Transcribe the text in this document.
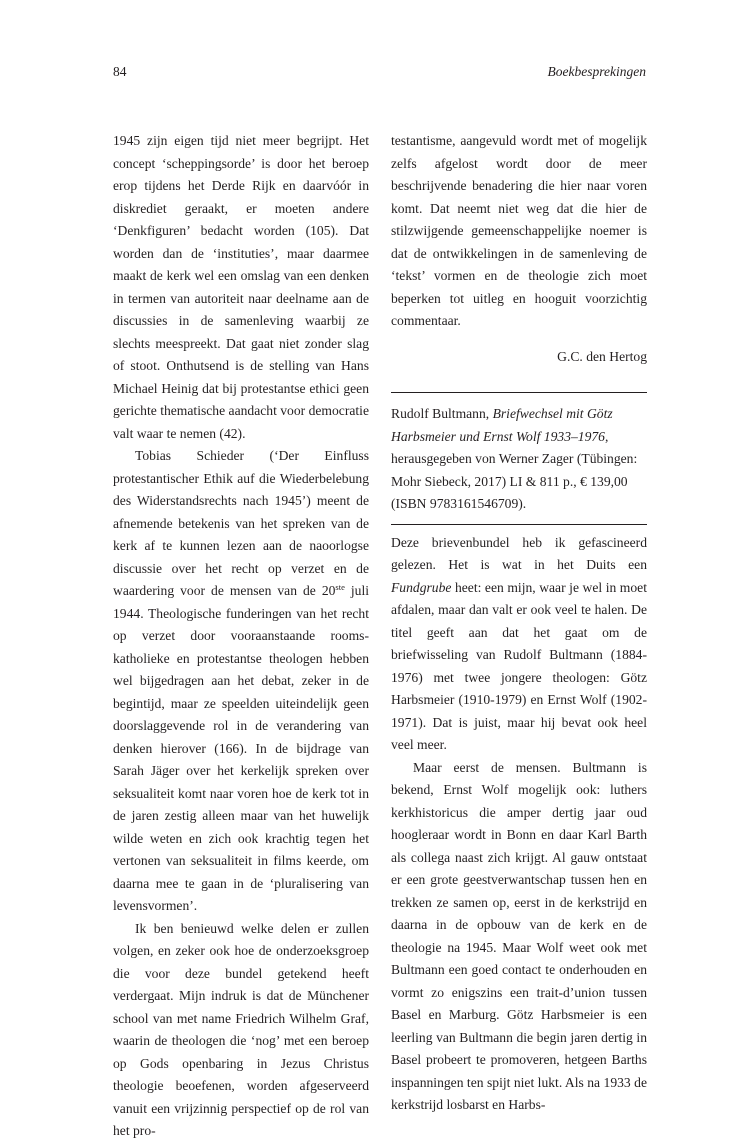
84	Boekbesprekingen

1945 zijn eigen tijd niet meer begrijpt. Het concept ‘scheppingsorde’ is door het beroep erop tijdens het Derde Rijk en daarvóór in diskrediet geraakt, er moeten andere ‘Denkfiguren’ bedacht worden (105). Dat worden dan de ‘instituties’, maar daarmee maakt de kerk wel een omslag van een denken in termen van autoriteit naar deelname aan de discussies in de samenleving waarbij ze slechts meespreekt. Dat gaat niet zonder slag of stoot. Onthutsend is de stelling van Hans Michael Heinig dat bij protestantse ethici geen gerichte thematische aandacht voor democratie valt waar te nemen (42).

Tobias Schieder (‘Der Einfluss protestantischer Ethik auf die Wiederbelebung des Widerstandsrechts nach 1945’) meent de afnemende betekenis van het spreken van de kerk af te kunnen lezen aan de naoorlogse discussie over het recht op verzet en de waardering voor de mensen van de 20ste juli 1944. Theologische funderingen van het recht op verzet door vooraanstaande rooms-katholieke en protestantse theologen hebben wel bijgedragen aan het debat, zeker in de begintijd, maar ze speelden uiteindelijk geen doorslaggevende rol in de verandering van denken hierover (166). In de bijdrage van Sarah Jäger over het kerkelijk spreken over seksualiteit komt naar voren hoe de kerk tot in de jaren zestig alleen maar van het huwelijk wilde weten en zich ook krachtig tegen het vertonen van seksualiteit in films keerde, om daarna mee te gaan in de ‘pluralisering van levensvormen’.

Ik ben benieuwd welke delen er zullen volgen, en zeker ook hoe de onderzoeksgroep die voor deze bundel getekend heeft verdergaat. Mijn indruk is dat de Münchener school van met name Friedrich Wilhelm Graf, waarin de theologen die ‘nog’ met een beroep op Gods openbaring in Jezus Christus theologie beoefenen, worden afgeserveerd vanuit een vrijzinnig perspectief op de rol van het pro-

testantisme, aangevuld wordt met of mogelijk zelfs afgelost wordt door de meer beschrijvende benadering die hier naar voren komt. Dat neemt niet weg dat die hier de stilzwijgende gemeenschappelijke noemer is dat de ontwikkelingen in de samenleving de ‘tekst’ vormen en de theologie zich moet beperken tot uitleg en hooguit voorzichtig commentaar.

G.C. den Hertog

Rudolf Bultmann, Briefwechsel mit Götz Harbsmeier und Ernst Wolf 1933–1976, herausgegeben von Werner Zager (Tübingen: Mohr Siebeck, 2017) LI & 811 p., € 139,00 (ISBN 9783161546709).

Deze brievenbundel heb ik gefascineerd gelezen. Het is wat in het Duits een Fundgrube heet: een mijn, waar je wel in moet afdalen, maar dan valt er ook veel te halen. De titel geeft aan dat het gaat om de briefwisseling van Rudolf Bultmann (1884-1976) met twee jongere theologen: Götz Harbsmeier (1910-1979) en Ernst Wolf (1902-1971). Dat is juist, maar hij bevat ook heel veel meer.

Maar eerst de mensen. Bultmann is bekend, Ernst Wolf mogelijk ook: luthers kerkhistoricus die amper dertig jaar oud hoogleraar wordt in Bonn en daar Karl Barth als collega naast zich krijgt. Al gauw ontstaat er een grote geestverwantschap tussen hen en trekken ze samen op, eerst in de kerkstrijd en daarna in de opbouw van de kerk en de theologie na 1945. Maar Wolf weet ook met Bultmann een goed contact te onderhouden en vormt zo enigszins een trait-d’union tussen Basel en Marburg. Götz Harbsmeier is een leerling van Bultmann die begin jaren dertig in Basel probeert te promoveren, hetgeen Barths inspanningen ten spijt niet lukt. Als na 1933 de kerkstrijd losbarst en Harbs-
